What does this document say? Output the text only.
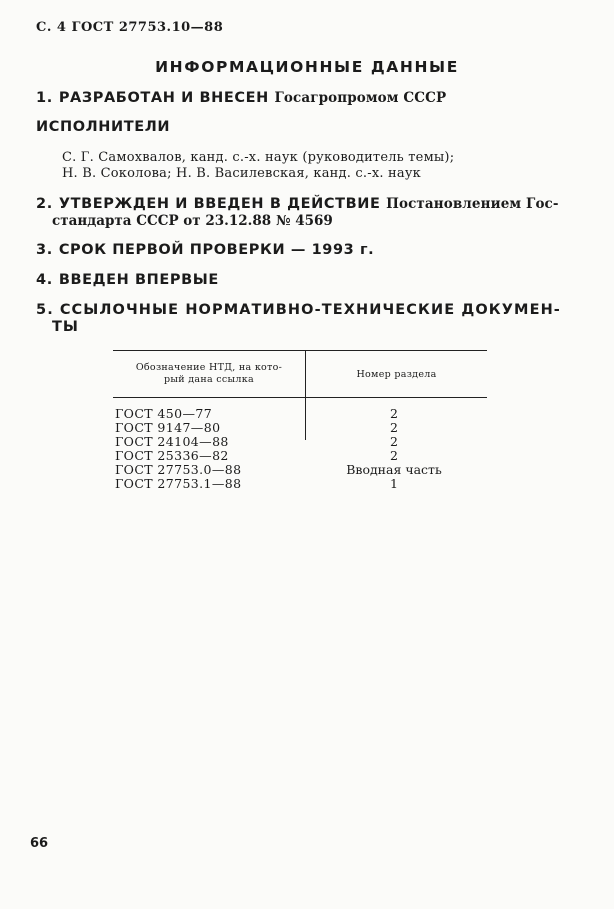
С. 4 ГОСТ 27753.10—88
ИНФОРМАЦИОННЫЕ ДАННЫЕ
1. РАЗРАБОТАН И ВНЕСЕН Госагропромом СССР
ИСПОЛНИТЕЛИ
С. Г. Самохвалов, канд. с.-х. наук (руководитель темы);
Н. В. Соколова; Н. В. Василевская, канд. с.-х. наук
2. УТВЕРЖДЕН И ВВЕДЕН В ДЕЙСТВИЕ Постановлением Гос-
стандарта СССР от 23.12.88 № 4569
3. СРОК ПЕРВОЙ ПРОВЕРКИ — 1993 г.
4. ВВЕДЕН ВПЕРВЫЕ
5. ССЫЛОЧНЫЕ НОРМАТИВНО-ТЕХНИЧЕСКИЕ ДОКУМЕН-
ТЫ
Обозначение НТД, на кото-
рый дана ссылка	Номер раздела
ГОСТ 450—77	2
ГОСТ 9147—80	2
ГОСТ 24104—88	2
ГОСТ 25336—82	2
ГОСТ 27753.0—88	Вводная часть
ГОСТ 27753.1—88	1
66
